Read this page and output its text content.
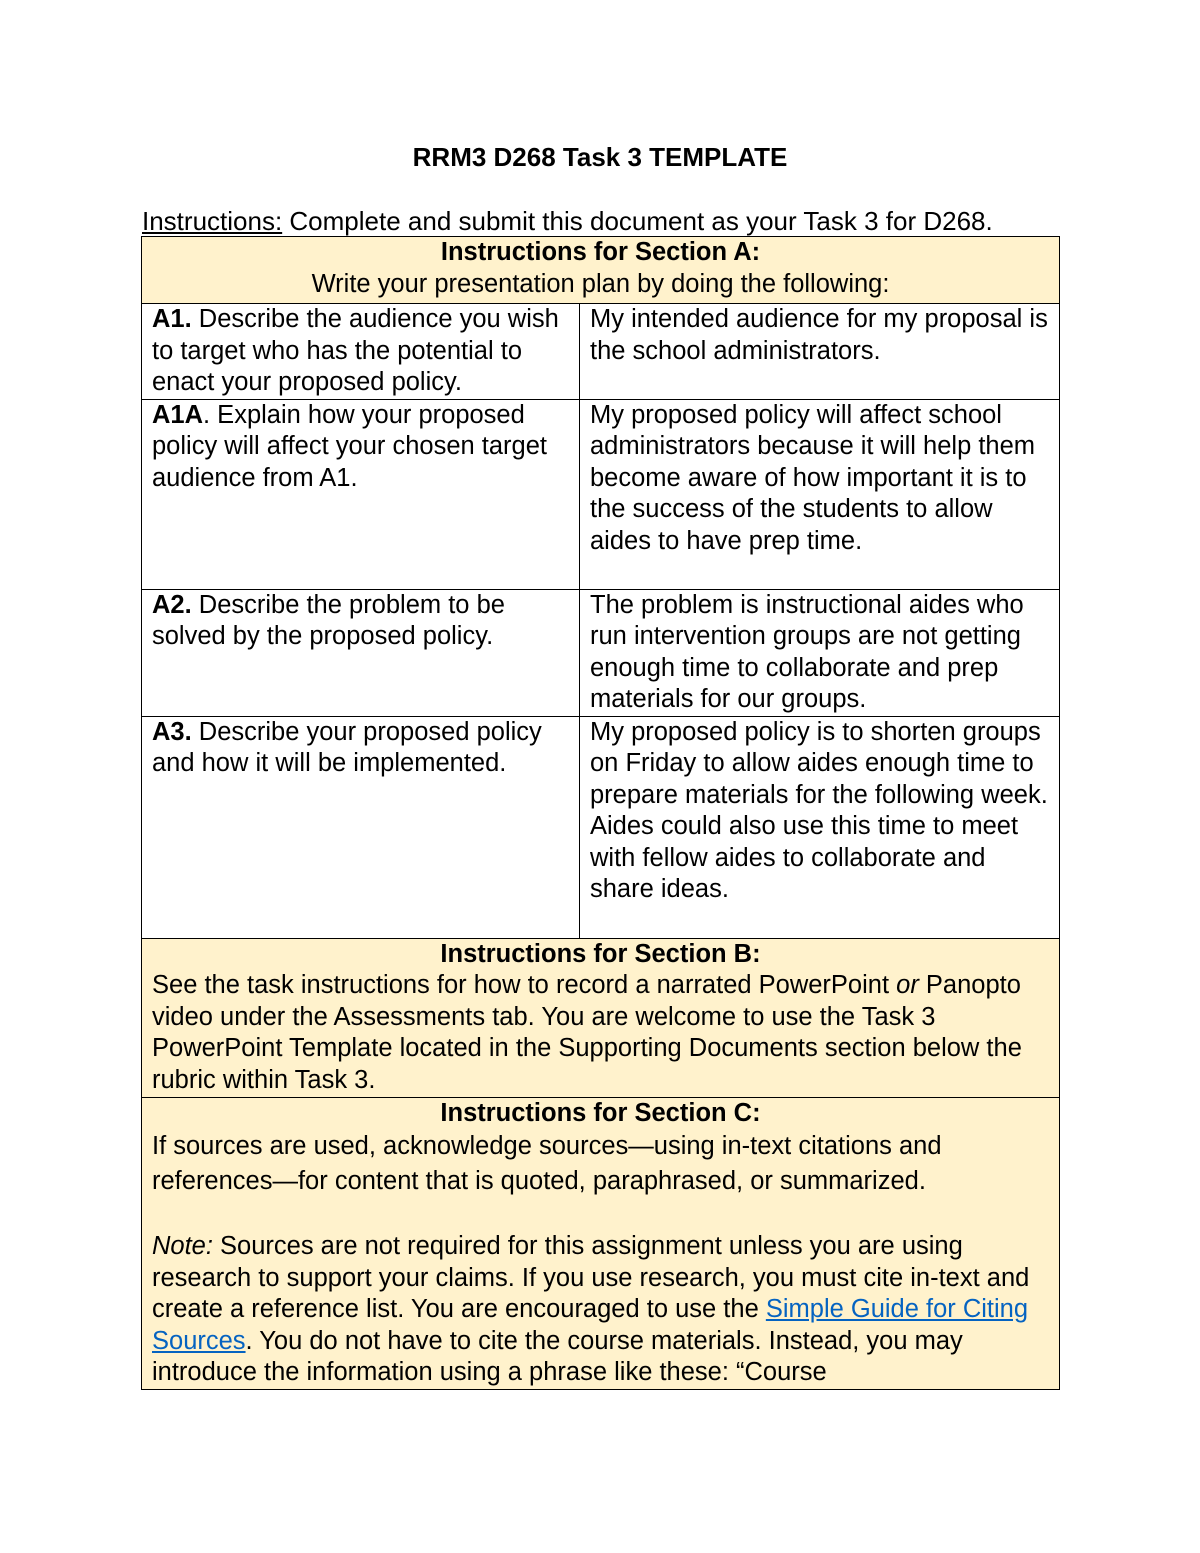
RRM3 D268 Task 3 TEMPLATE
Instructions: Complete and submit this document as your Task 3 for D268.
Instructions for Section A:
Write your presentation plan by doing the following:	

A1. Describe the audience you wish to target who has the potential to enact your proposed policy.	My intended audience for my proposal is the school administrators.
A1A. Explain how your proposed policy will affect your chosen target audience from A1.	My proposed policy will affect school administrators because it will help them become aware of how important it is to the success of the students to allow aides to have prep time.
A2. Describe the problem to be solved by the proposed policy.	The problem is instructional aides who run intervention groups are not getting enough time to collaborate and prep materials for our groups.
A3. Describe your proposed policy and how it will be implemented.	My proposed policy is to shorten groups on Friday to allow aides enough time to prepare materials for the following week. Aides could also use this time to meet with fellow aides to collaborate and share ideas.

Instructions for Section B:
See the task instructions for how to record a narrated PowerPoint or Panopto video under the Assessments tab. You are welcome to use the Task 3 PowerPoint Template located in the Supporting Documents section below the rubric within Task 3.	

Instructions for Section C:
If sources are used, acknowledge sources—using in-text citations and references—for content that is quoted, paraphrased, or summarized.
Note: Sources are not required for this assignment unless you are using research to support your claims. If you use research, you must cite in-text and create a reference list. You are encouraged to use the Simple Guide for Citing Sources. You do not have to cite the course materials. Instead, you may introduce the information using a phrase like these: “Course	
